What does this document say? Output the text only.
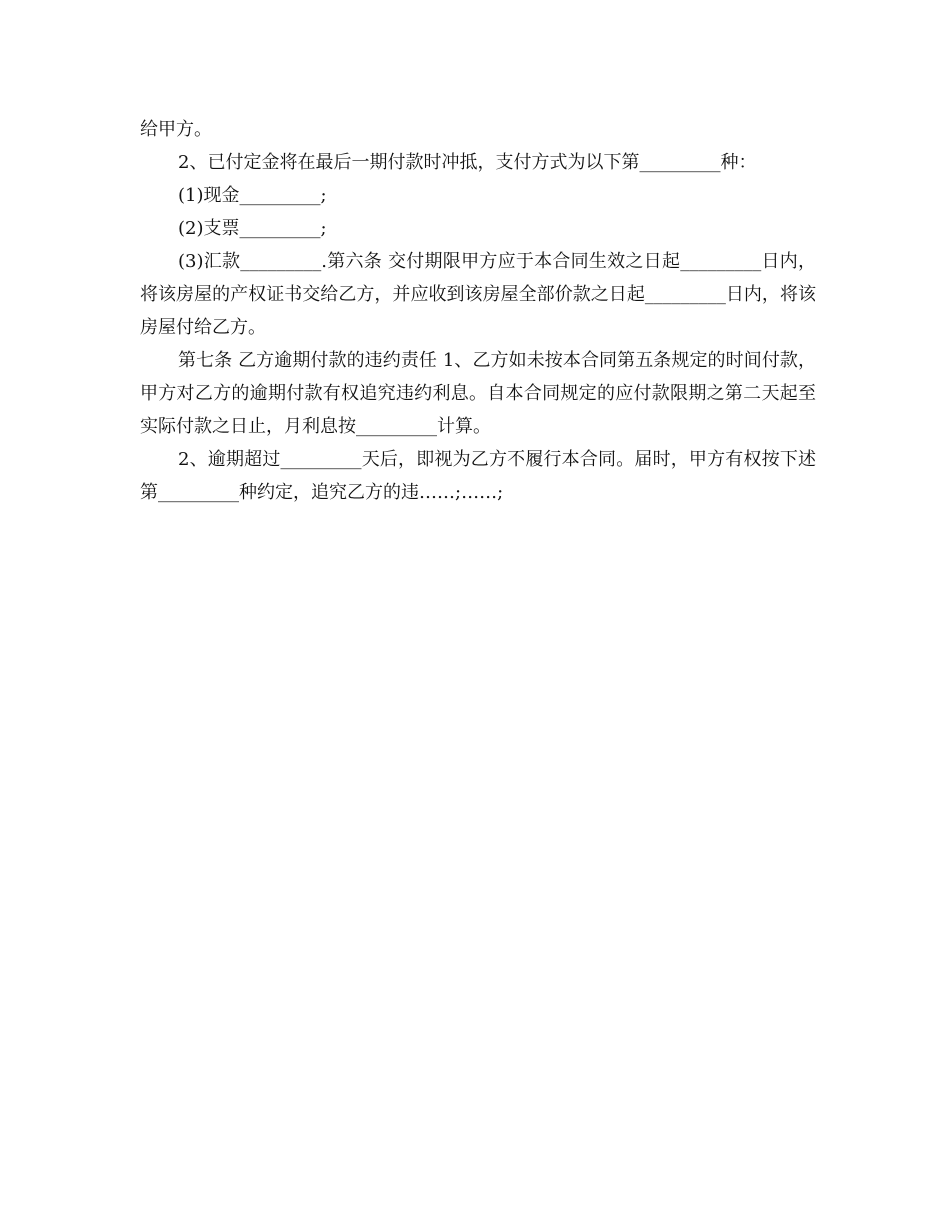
给甲方。

2、已付定金将在最后一期付款时冲抵，支付方式为以下第_________种：

(1)现金_________;

(2)支票_________;

(3)汇款_________.第六条 交付期限甲方应于本合同生效之日起_________日内，将该房屋的产权证书交给乙方，并应收到该房屋全部价款之日起_________日内，将该房屋付给乙方。

第七条 乙方逾期付款的违约责任 1、乙方如未按本合同第五条规定的时间付款，甲方对乙方的逾期付款有权追究违约利息。自本合同规定的应付款限期之第二天起至实际付款之日止，月利息按_________计算。

2、逾期超过_________天后，即视为乙方不履行本合同。届时，甲方有权按下述第_________种约定，追究乙方的违……;……;
